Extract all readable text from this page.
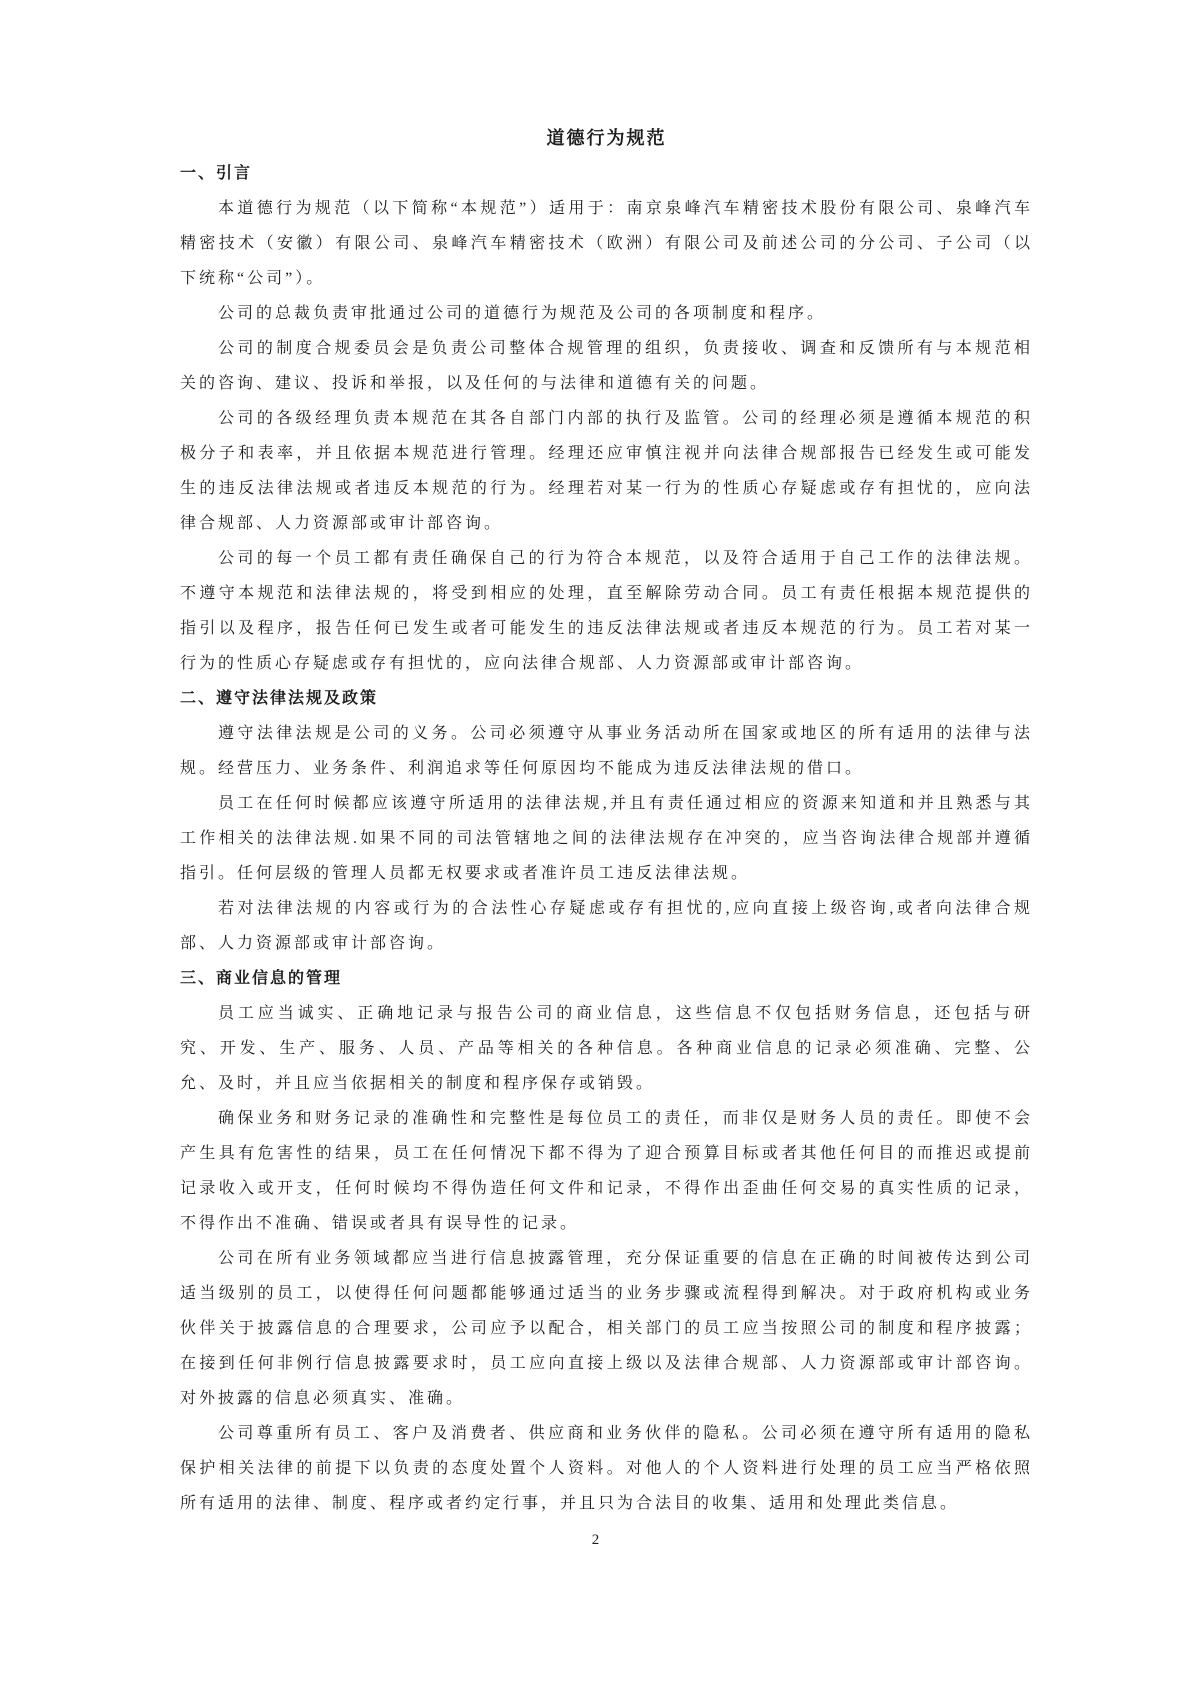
道德行为规范
一、引言

本道德行为规范（以下简称“本规范”）适用于：南京泉峰汽车精密技术股份有限公司、泉峰汽车精密技术（安徽）有限公司、泉峰汽车精密技术（欧洲）有限公司及前述公司的分公司、子公司（以下统称“公司”）。

公司的总裁负责审批通过公司的道德行为规范及公司的各项制度和程序。

公司的制度合规委员会是负责公司整体合规管理的组织，负责接收、调查和反馈所有与本规范相关的咨询、建议、投诉和举报，以及任何的与法律和道德有关的问题。

公司的各级经理负责本规范在其各自部门内部的执行及监管。公司的经理必须是遵循本规范的积极分子和表率，并且依据本规范进行管理。经理还应审慎注视并向法律合规部报告已经发生或可能发生的违反法律法规或者违反本规范的行为。经理若对某一行为的性质心存疑虑或存有担忧的，应向法律合规部、人力资源部或审计部咨询。

公司的每一个员工都有责任确保自己的行为符合本规范，以及符合适用于自己工作的法律法规。不遵守本规范和法律法规的，将受到相应的处理，直至解除劳动合同。员工有责任根据本规范提供的指引以及程序，报告任何已发生或者可能发生的违反法律法规或者违反本规范的行为。员工若对某一行为的性质心存疑虑或存有担忧的，应向法律合规部、人力资源部或审计部咨询。

二、遵守法律法规及政策

遵守法律法规是公司的义务。公司必须遵守从事业务活动所在国家或地区的所有适用的法律与法规。经营压力、业务条件、利润追求等任何原因均不能成为违反法律法规的借口。

员工在任何时候都应该遵守所适用的法律法规,并且有责任通过相应的资源来知道和并且熟悉与其工作相关的法律法规.如果不同的司法管辖地之间的法律法规存在冲突的，应当咨询法律合规部并遵循指引。任何层级的管理人员都无权要求或者准许员工违反法律法规。

若对法律法规的内容或行为的合法性心存疑虑或存有担忧的,应向直接上级咨询,或者向法律合规部、人力资源部或审计部咨询。

三、商业信息的管理

员工应当诚实、正确地记录与报告公司的商业信息，这些信息不仅包括财务信息，还包括与研究、开发、生产、服务、人员、产品等相关的各种信息。各种商业信息的记录必须准确、完整、公允、及时，并且应当依据相关的制度和程序保存或销毁。

确保业务和财务记录的准确性和完整性是每位员工的责任，而非仅是财务人员的责任。即使不会产生具有危害性的结果，员工在任何情况下都不得为了迎合预算目标或者其他任何目的而推迟或提前记录收入或开支，任何时候均不得伪造任何文件和记录，不得作出歪曲任何交易的真实性质的记录，不得作出不准确、错误或者具有误导性的记录。

公司在所有业务领域都应当进行信息披露管理，充分保证重要的信息在正确的时间被传达到公司适当级别的员工，以使得任何问题都能够通过适当的业务步骤或流程得到解决。对于政府机构或业务伙伴关于披露信息的合理要求，公司应予以配合，相关部门的员工应当按照公司的制度和程序披露；在接到任何非例行信息披露要求时，员工应向直接上级以及法律合规部、人力资源部或审计部咨询。对外披露的信息必须真实、准确。

公司尊重所有员工、客户及消费者、供应商和业务伙伴的隐私。公司必须在遵守所有适用的隐私保护相关法律的前提下以负责的态度处置个人资料。对他人的个人资料进行处理的员工应当严格依照所有适用的法律、制度、程序或者约定行事，并且只为合法目的收集、适用和处理此类信息。

2
